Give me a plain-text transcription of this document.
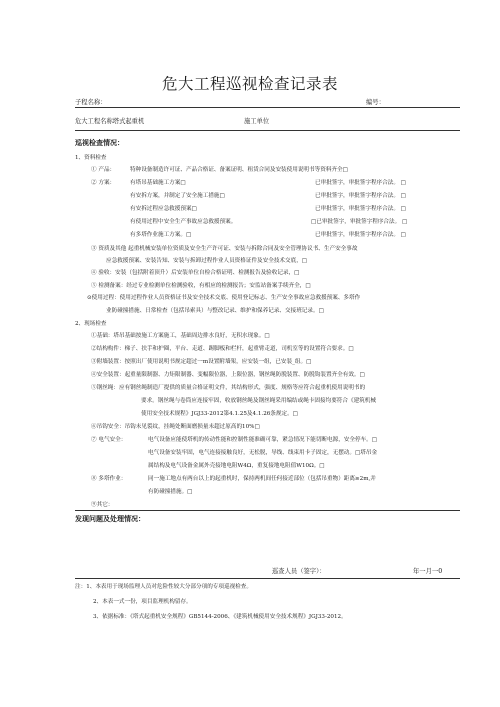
危大工程巡视检查记录表
子程名称：	编号：
危大工程名称塔式起重机	施工单位
巡视检查情况：
1、资料检查
① 产品：	特种设备制造许可证、产品合格证、备案证明、租赁合同及安装使用说明书等资料齐全□
② 方案：	有塔吊基础施工方案□	已审批签字，审批签字程序合法。 □
有安拆方案，并制定了安全施工措施□	已审批签字，审批签字程序合法。 □
有安拆过程应急救援预案□	已审批签字，审批签字程序合法。 □
有使用过程中安全生产事故应急救援预案。	□已审批签字，审批签字程序合法。 □
有多塔作业施工方案。□	已审批签字，审批签字程序合法。 □
③ 资质及其他 起重机械安装单位资质及安全生产许可证、安装与拆除合同及安全管理协议书、生产安全事故
应急救援预案、安装告知、安装与拆卸过程作业人员资格证件及安全技术交底，□
④ 验收：安装（包括附着顶升）后安装单位自检合格证明、检测报告及验收记录，□
⑤ 检测备案：经过专业检测单位检测验收，有相应的检测报告；安监站备案手续齐全，□
⊙使用过程：使用过程作业人员资格证书及安全技术交底、使用登记标志、生产安全事故应急救援预案、多塔作
业防碰撞措施、日常检查（包括吊索具）与整改记录、维护和保养记录、交接班记录。□
2、现场检查
①基础：塔吊基础按施工方案施工，基础周边排水良好，无积水现象。□
②结构构件：梯子、扶手和护圈，平台、走道、踢脚板和栏杆，起重臂走道，司机室等的设置符合要求。□
③附墙装置：按照出厂使用说明书规定超过一m设置附墙架，应安装一组，已安装_组。□
④安全装置：起重量限制器、力矩限制器、变幅限位器，上限位器，钢丝绳防脱装置、防脱钩装置齐全有效。□
⑤钢丝绳：应有钢丝绳制造厂提供的质量合格证明文件，其结构形式，强度、规格等应符合起重机使用说明书的
要求。钢丝绳与卷筒应连接牢固，收放钢丝绳及钢丝绳采用编结或绳卡固接均要符合《建筑机械
使用安全技术规程》JGJ33-2012第4.1.25及4.1.26条规定。□
⑥吊钩安全：吊钩未见裂纹，挂绳处断面磨损量未超过原高的10%□
⑦ 电气安全：	电气设备应能使塔机的传动性能和控制性能准确可靠，紧急情况下能切断电源，安全停车。□
电气设备安装牢固，电气连接接触良好，无松脱，导线、线束用卡子固定，无摆动。□塔吊金
属结构及电气设备金属外壳接地电阻W4Ω，重复接地电阻值W10Ω。□
⑧ 多塔作业：	同一施工地点有两台以上的起重机时，保持两机间任何接近部位（包括吊重物）距离≥2m,并
有防碰撞措施。□
⑨其它：
发现问题及处理情况：
巡查人员（签字）：	年一月一0
注：1、本表用于现场监理人员对危险性较大分部分项的专项巡视检查。
2、本表一式一份，项目监理机构留存。
3、依据标准：《塔式起重机安全规程》GB5144-2006、《建筑机械使用安全技术规程》JGJ33-2012。
